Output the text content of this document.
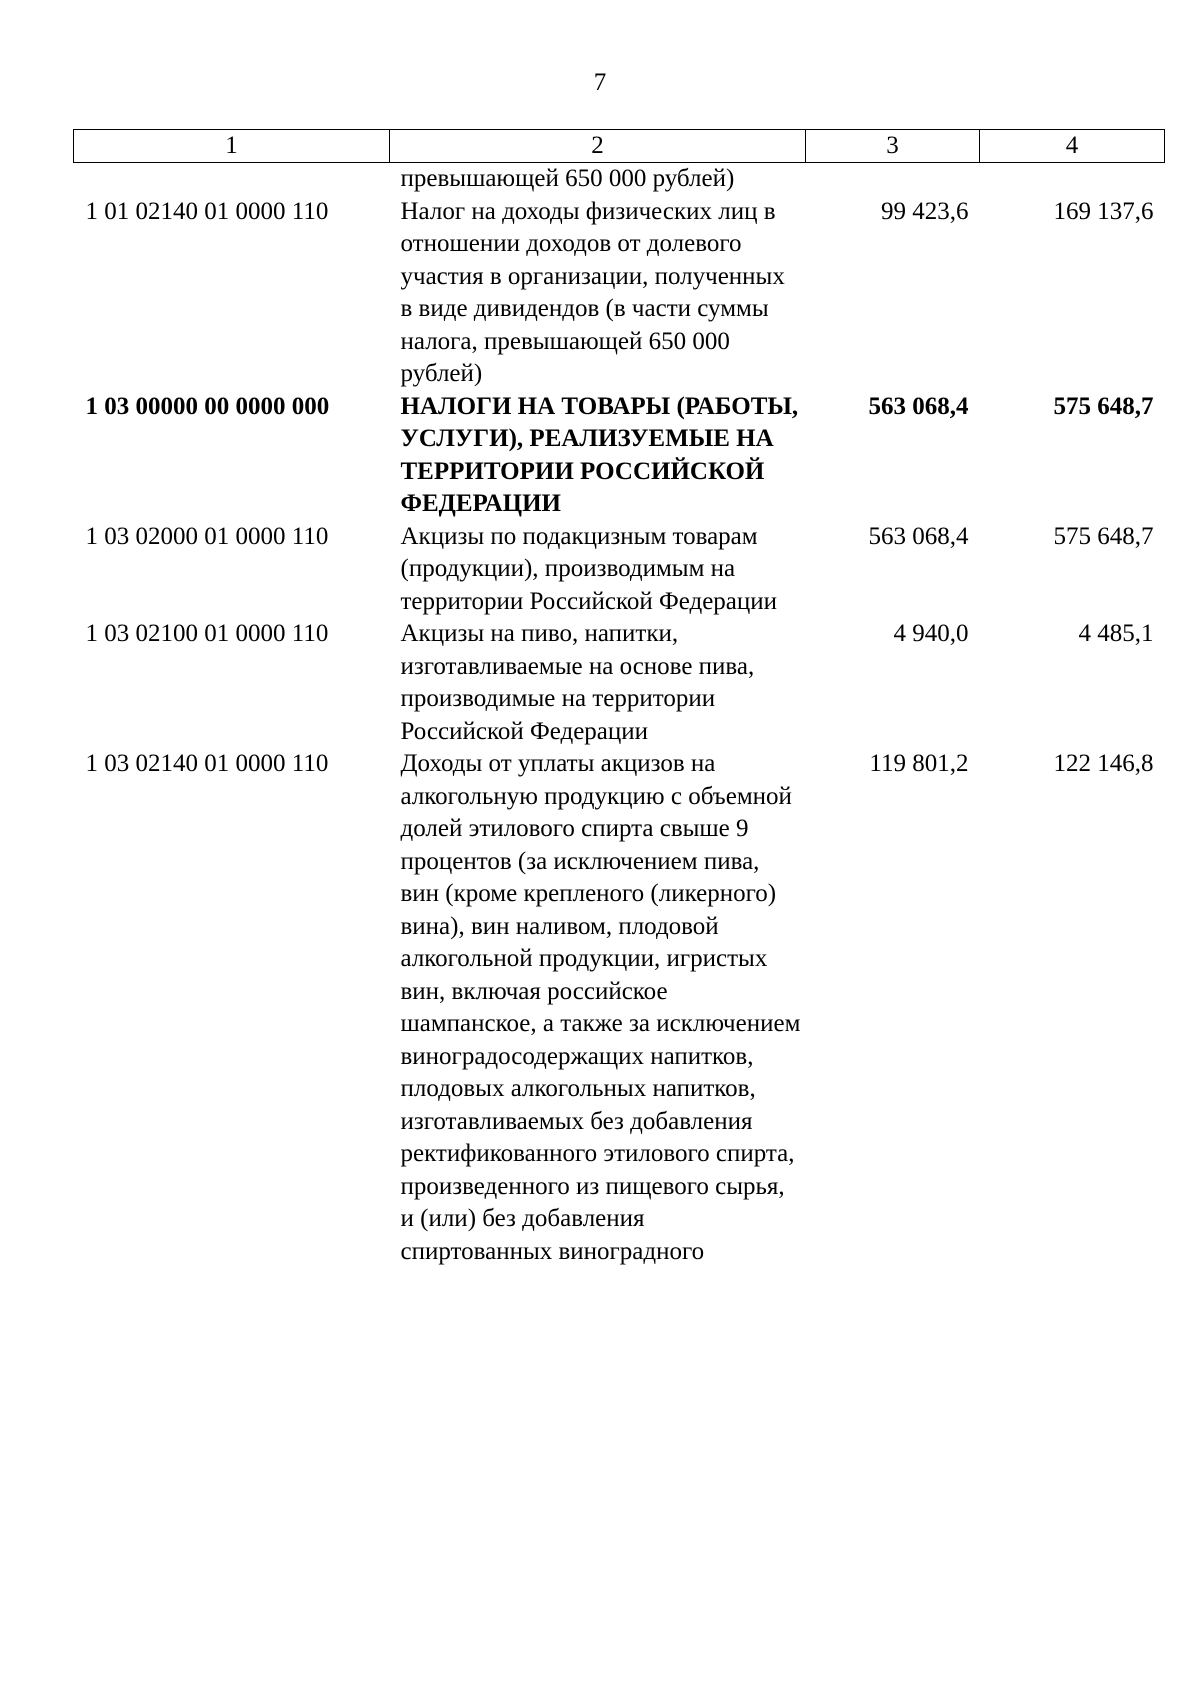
7
1	2	3	4
	превышающей 650 000 рублей)		
1 01 02140 01 0000 110	Налог на доходы физических лиц в отношении доходов от долевого участия в организации, полученных в виде дивидендов (в части суммы налога, превышающей 650 000 рублей)	99 423,6	169 137,6
1 03 00000 00 0000 000	НАЛОГИ НА ТОВАРЫ (РАБОТЫ, УСЛУГИ), РЕАЛИЗУЕМЫЕ НА ТЕРРИТОРИИ РОССИЙСКОЙ ФЕДЕРАЦИИ	563 068,4	575 648,7
1 03 02000 01 0000 110	Акцизы по подакцизным товарам (продукции), производимым на территории Российской Федерации	563 068,4	575 648,7
1 03 02100 01 0000 110	Акцизы на пиво, напитки, изготавливаемые на основе пива, производимые на территории Российской Федерации	4 940,0	4 485,1
1 03 02140 01 0000 110	Доходы от уплаты акцизов на алкогольную продукцию с объемной долей этилового спирта свыше 9 процентов (за исключением пива, вин (кроме крепленого (ликерного) вина), вин наливом, плодовой алкогольной продукции, игристых вин, включая российское шампанское, а также за исключением виноградосодержащих напитков, плодовых алкогольных напитков, изготавливаемых без добавления ректификованного этилового спирта, произведенного из пищевого сырья, и (или) без добавления спиртованных виноградного	119 801,2	122 146,8
